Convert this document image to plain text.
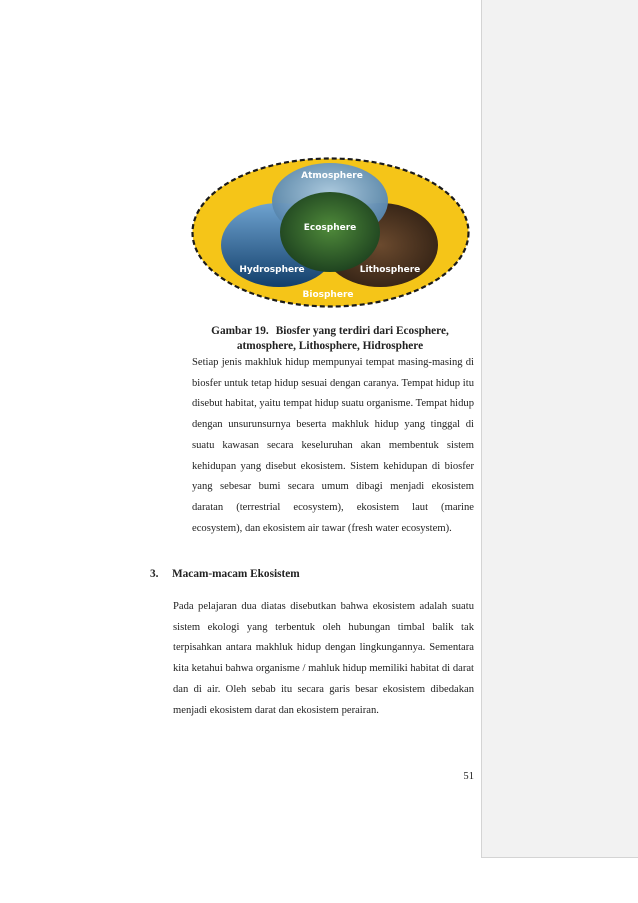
Atmosphere
Ecosphere
Hydrosphere	Lithosphere
Biosphere
Gambar 19. Biosfer yang terdiri dari Ecosphere,
atmosphere, Lithosphere, Hidrosphere

Setiap jenis makhluk hidup mempunyai tempat masing-masing di biosfer untuk tetap hidup sesuai dengan caranya. Tempat hidup itu disebut habitat, yaitu tempat hidup suatu organisme. Tempat hidup dengan unsurunsurnya beserta makhluk hidup yang tinggal di suatu kawasan secara keseluruhan akan membentuk sistem kehidupan yang disebut ekosistem. Sistem kehidupan di biosfer yang sebesar bumi secara umum dibagi menjadi ekosistem daratan (terrestrial ecosystem), ekosistem laut (marine ecosystem), dan ekosistem air tawar (fresh water ecosystem).

3. Macam-macam Ekosistem

Pada pelajaran dua diatas disebutkan bahwa ekosistem adalah suatu sistem ekologi yang terbentuk oleh hubungan timbal balik tak terpisahkan antara makhluk hidup dengan lingkungannya. Sementara kita ketahui bahwa organisme / mahluk hidup memiliki habitat di darat dan di air. Oleh sebab itu secara garis besar ekosistem dibedakan menjadi ekosistem darat dan ekosistem perairan.

51
